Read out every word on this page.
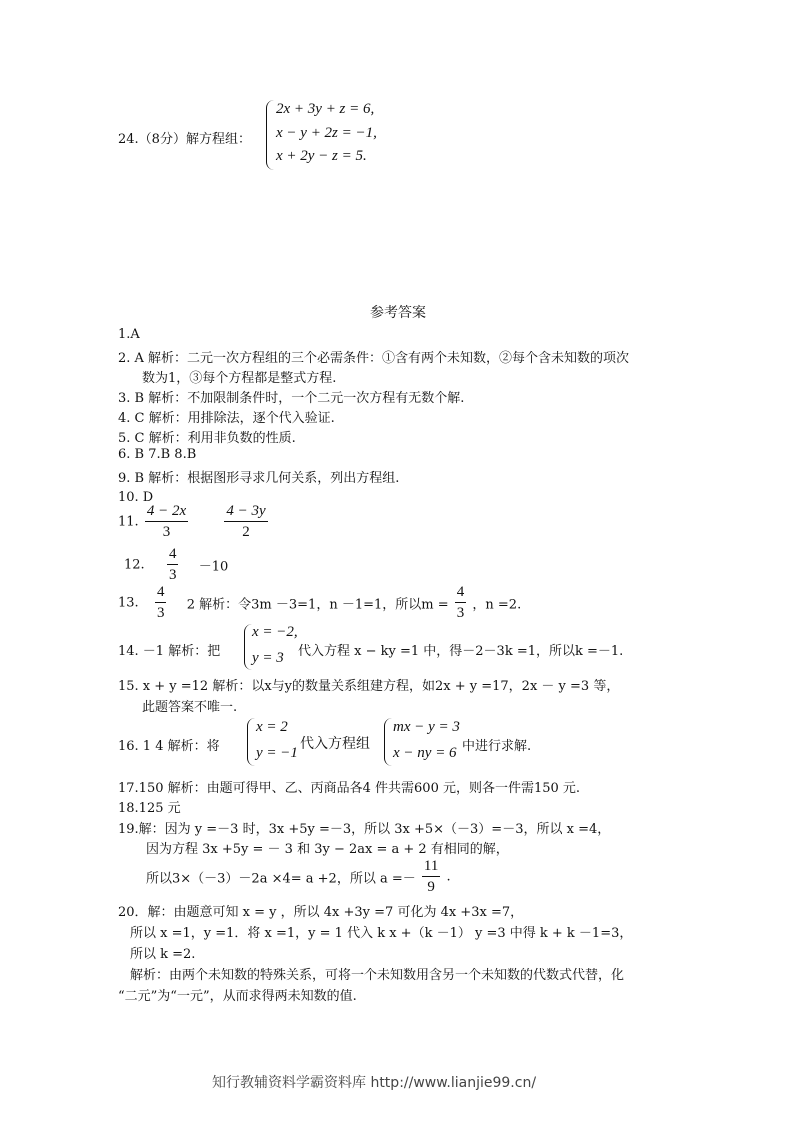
24.（8分）解方程组：
2x + 3y + z = 6,
x − y + 2z = −1,
x + 2y − z = 5.
参考答案
1.A
2. A 解析：二元一次方程组的三个必需条件：①含有两个未知数，②每个含未知数的项次
数为1，③每个方程都是整式方程.
3. B 解析：不加限制条件时，一个二元一次方程有无数个解.
4. C 解析：用排除法，逐个代入验证.
5. C 解析：利用非负数的性质.
6. B 7.B 8.B
9. B 解析：根据图形寻求几何关系，列出方程组.
10. D
11. $\frac{4 - 2x}{3}$
$\frac{4 - 3y}{2}$
12. $\frac{4}{3} -10$
13. $\frac{4}{3} 2$ 解析：令3m －3=1，n －1=1，所以$m = \frac{4}{3}$ ，n =2.
14. －1 解析：把
x = −2,
y = 3 代入方程 x − ky =1 中，得－2－3k =1，所以k =－1.
15. x + y =12 解析：以x与y的数量关系组建方程，如2x + y =17，2x － y =3 等，
此题答案不唯一.
16. 1 4 解析：将
x = 2
y = −1
代入方程组
mx − y = 3
x − ny = 6 中进行求解.
17.150 解析：由题可得甲、乙、丙商品各4 件共需600 元，则各一件需150 元.
18.125 元
19.解：因为 y =－3 时，3x +5y =－3，所以 3x +5×（－3）=－3，所以 x =4，
因为方程 3x +5y = － 3 和 3y − 2ax = a + 2 有相同的解，
所以3×（－3）－2a ×4= a +2，所以 $a =- \frac{11}{9}$ .
20．解：由题意可知 x = y ，所以 4x +3y =7 可化为 4x +3x =7，
所以 x =1，y =1．将 x =1，y = 1 代入 k x +（k －1） y =3 中得 k + k －1=3，
所以 k =2.
解析：由两个未知数的特殊关系，可将一个未知数用含另一个未知数的代数式代替，化
“二元”为“一元”，从而求得两未知数的值.
知行教辅资料学霸资料库 http://www.lianjie99.cn/
